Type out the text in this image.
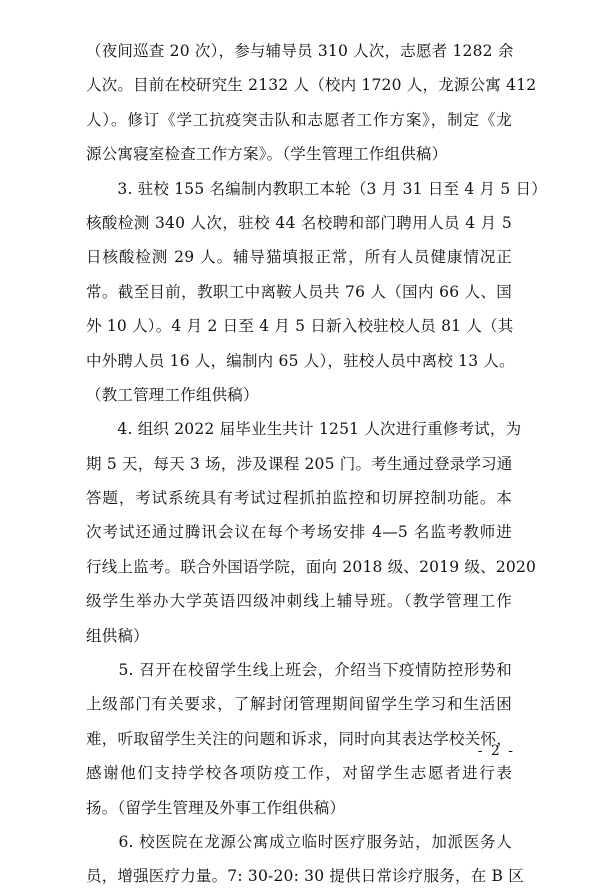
（夜间巡查 20 次），参与辅导员 310 人次，志愿者 1282 余
人次。目前在校研究生 2132 人（校内 1720 人，龙源公寓 412
人）。修订《学工抗疫突击队和志愿者工作方案》，制定《龙
源公寓寝室检查工作方案》。（学生管理工作组供稿）
　　3. 驻校 155 名编制内教职工本轮（3 月 31 日至 4 月 5 日）
核酸检测 340 人次，驻校 44 名校聘和部门聘用人员 4 月 5
日核酸检测 29 人。辅导猫填报正常，所有人员健康情况正
常。截至目前，教职工中离鞍人员共 76 人（国内 66 人、国
外 10 人）。4 月 2 日至 4 月 5 日新入校驻校人员 81 人（其
中外聘人员 16 人，编制内 65 人），驻校人员中离校 13 人。
（教工管理工作组供稿）
　　4. 组织 2022 届毕业生共计 1251 人次进行重修考试，为
期 5 天，每天 3 场，涉及课程 205 门。考生通过登录学习通
答题，考试系统具有考试过程抓拍监控和切屏控制功能。本
次考试还通过腾讯会议在每个考场安排 4—5 名监考教师进
行线上监考。联合外国语学院，面向 2018 级、2019 级、2020
级学生举办大学英语四级冲刺线上辅导班。（教学管理工作
组供稿）
　　5. 召开在校留学生线上班会，介绍当下疫情防控形势和
上级部门有关要求，了解封闭管理期间留学生学习和生活困
难，听取留学生关注的问题和诉求，同时向其表达学校关怀，
感谢他们支持学校各项防疫工作，对留学生志愿者进行表
扬。（留学生管理及外事工作组供稿）
　　6. 校医院在龙源公寓成立临时医疗服务站，加派医务人
员，增强医疗力量。7: 30-20: 30 提供日常诊疗服务，在 B 区
- 2 -
